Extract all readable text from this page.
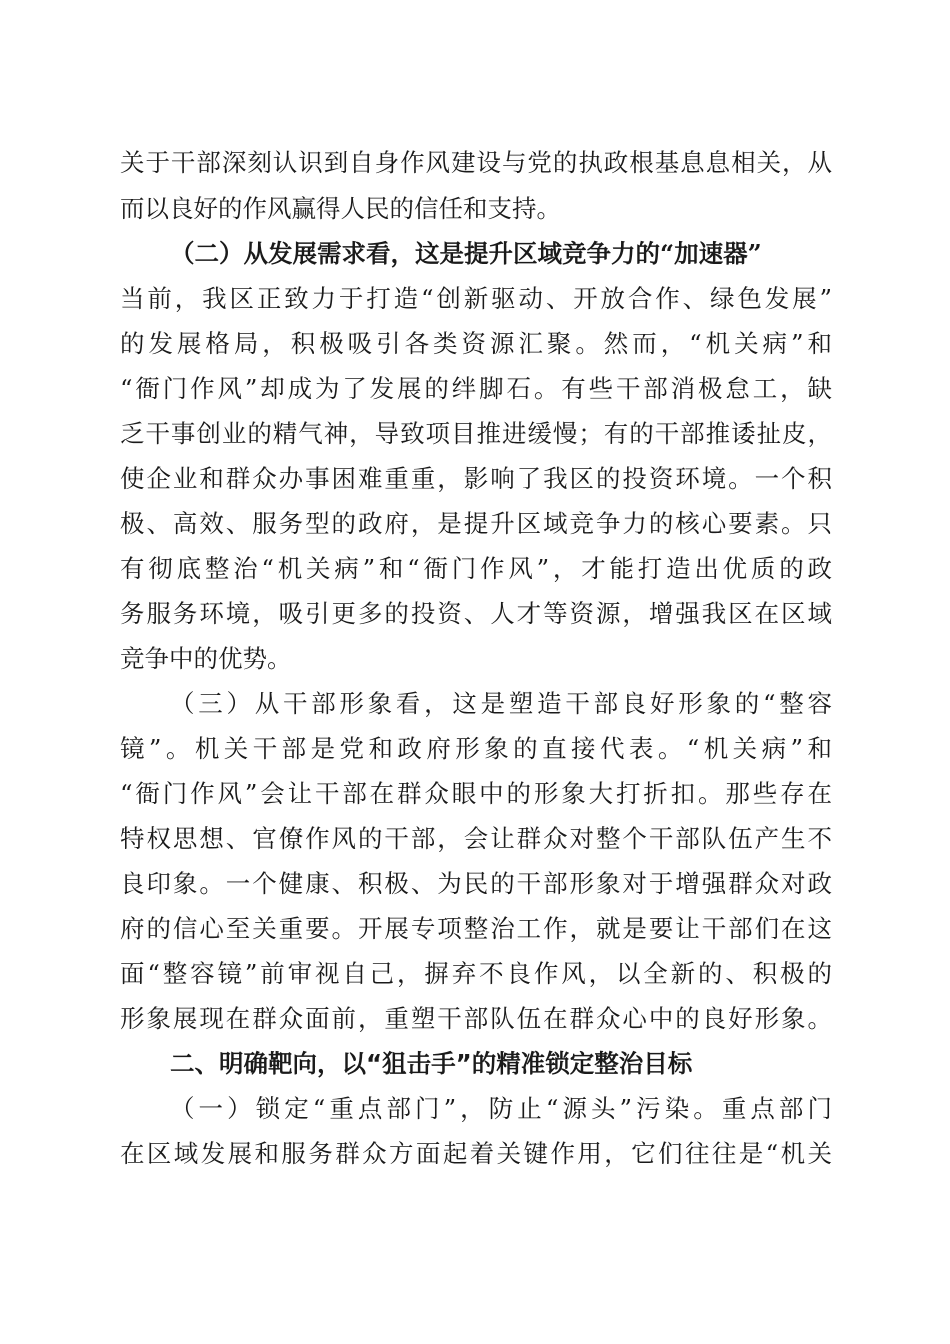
关于干部深刻认识到自身作风建设与党的执政根基息息相关，从
而以良好的作风赢得人民的信任和支持。
（二）从发展需求看，这是提升区域竞争力的“加速器”
当前，我区正致力于打造“创新驱动、开放合作、绿色发展”
的发展格局，积极吸引各类资源汇聚。然而，“机关病”和
“衙门作风”却成为了发展的绊脚石。有些干部消极怠工，缺
乏干事创业的精气神，导致项目推进缓慢；有的干部推诿扯皮，
使企业和群众办事困难重重，影响了我区的投资环境。一个积
极、高效、服务型的政府，是提升区域竞争力的核心要素。只
有彻底整治“机关病”和“衙门作风”，才能打造出优质的政
务服务环境，吸引更多的投资、人才等资源，增强我区在区域
竞争中的优势。
（三）从干部形象看，这是塑造干部良好形象的“整容
镜”。机关干部是党和政府形象的直接代表。“机关病”和
“衙门作风”会让干部在群众眼中的形象大打折扣。那些存在
特权思想、官僚作风的干部，会让群众对整个干部队伍产生不
良印象。一个健康、积极、为民的干部形象对于增强群众对政
府的信心至关重要。开展专项整治工作，就是要让干部们在这
面“整容镜”前审视自己，摒弃不良作风，以全新的、积极的
形象展现在群众面前，重塑干部队伍在群众心中的良好形象。
二、明确靶向，以“狙击手”的精准锁定整治目标
（一）锁定“重点部门”，防止“源头”污染。重点部门
在区域发展和服务群众方面起着关键作用，它们往往是“机关
